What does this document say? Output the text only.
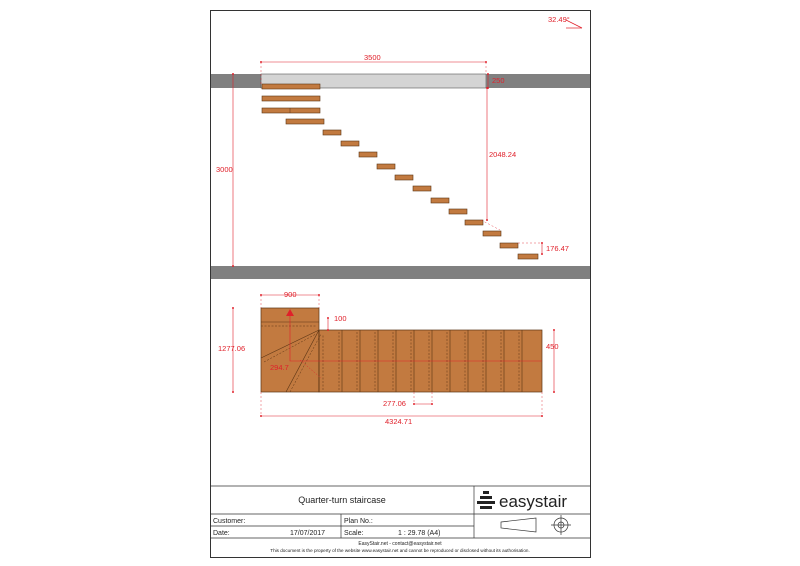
32.49°
3500
250
3000
2048.24
176.47
900
100
1277.06
294.7
450
277.06
4324.71
Quarter-turn staircase	easystair
Customer:	Plan No.:
Date:	17/07/2017	Scale:	1 : 29.78 (A4)
EasyStair.net - contact@easystair.net
This document is the property of the website www.easystair.net and cannot be reproduced or disclosed without its authorisation.
